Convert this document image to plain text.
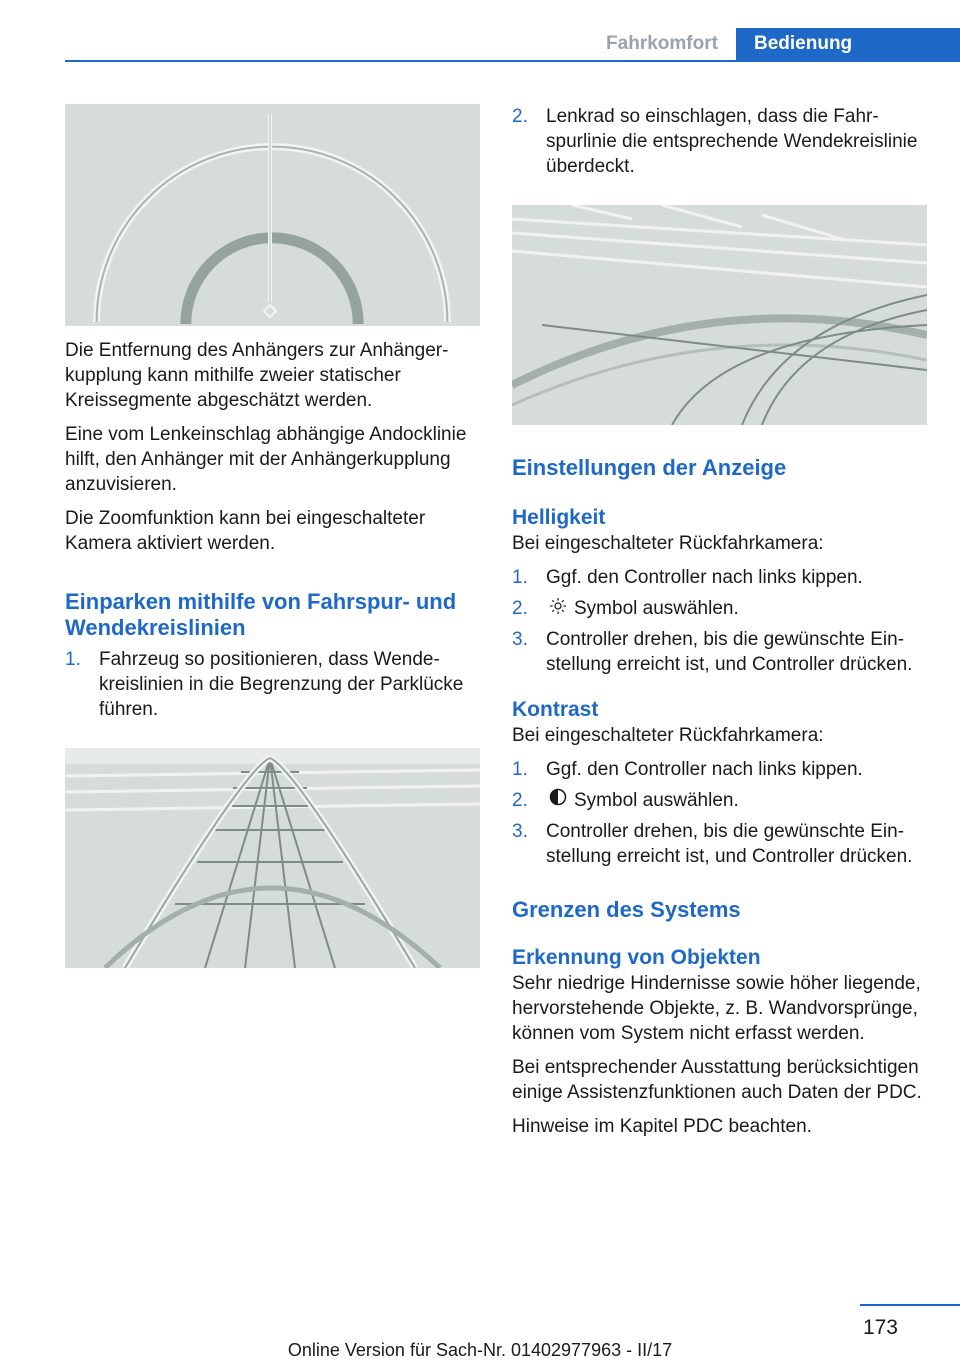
Fahrkomfort	Bedienung

Die Entfernung des Anhängers zur Anhängerkupplung kann mithilfe zweier statischer Kreissegmente abgeschätzt werden.

Eine vom Lenkeinschlag abhängige Andocklinie hilft, den Anhänger mit der Anhängerkupplung anzuvisieren.

Die Zoomfunktion kann bei eingeschalteter Kamera aktiviert werden.

Einparken mithilfe von Fahrspur- und Wendekreislinien
1. Fahrzeug so positionieren, dass Wendekreislinien in die Begrenzung der Parklücke führen.
2. Lenkrad so einschlagen, dass die Fahrspurlinie die entsprechende Wendekreislinie überdeckt.
Einstellungen der Anzeige
Helligkeit

Bei eingeschalteter Rückfahrkamera:

1. Ggf. den Controller nach links kippen.
2. Symbol auswählen.
3. Controller drehen, bis die gewünschte Einstellung erreicht ist, und Controller drücken.
Kontrast

Bei eingeschalteter Rückfahrkamera:

1. Ggf. den Controller nach links kippen.
2. Symbol auswählen.
3. Controller drehen, bis die gewünschte Einstellung erreicht ist, und Controller drücken.
Grenzen des Systems
Erkennung von Objekten

Sehr niedrige Hindernisse sowie höher liegende, hervorstehende Objekte, z. B. Wandvorsprünge, können vom System nicht erfasst werden.

Bei entsprechender Ausstattung berücksichtigen einige Assistenzfunktionen auch Daten der PDC.

Hinweise im Kapitel PDC beachten.

173
Online Version für Sach-Nr. 01402977963 - II/17
